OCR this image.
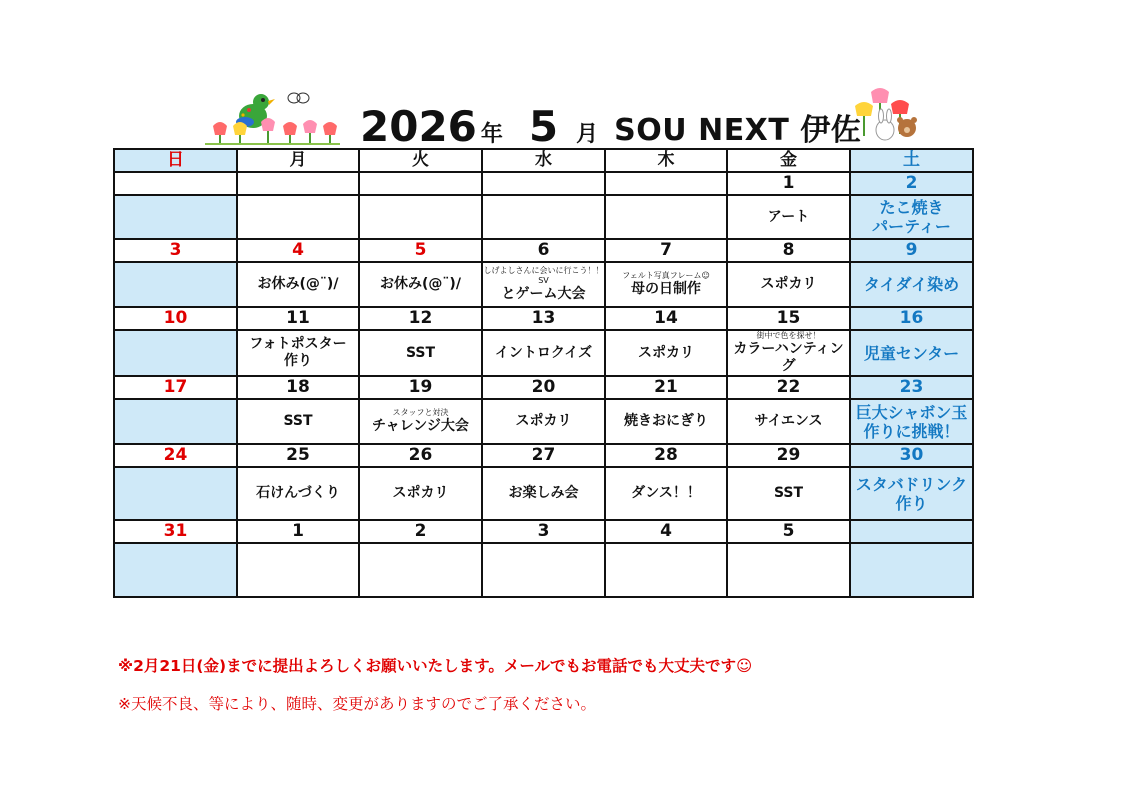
2026 年 5 月 SOU NEXT 伊佐
日	月	火	水	木	金	土
					1	2

					アート	たこ焼き
パーティー

3	4	5	6	7	8	9

	お休み(@¨)/	お休み(@¨)/	しげよしさんに会いに行こう！！SV
とゲーム大会	フェルト写真フレーム☺
母の日制作	スポカリ	タイダイ染め

10	11	12	13	14	15	16

	フォトポスター
作り	SST	イントロクイズ	スポカリ	街中で色を探せ！
カラーハンティング	児童センター

17	18	19	20	21	22	23

	SST	スタッフと対決
チャレンジ大会	スポカリ	焼きおにぎり	サイエンス	巨大シャボン玉
作りに挑戦！

24	25	26	27	28	29	30

	石けんづくり	スポカリ	お楽しみ会	ダンス！！	SST	スタバドリンク
作り

31	1	2	3	4	5	

※2月21日(金)までに提出よろしくお願いいたします。メールでもお電話でも大丈夫です☺
※天候不良、等により、随時、変更がありますのでご了承ください。
